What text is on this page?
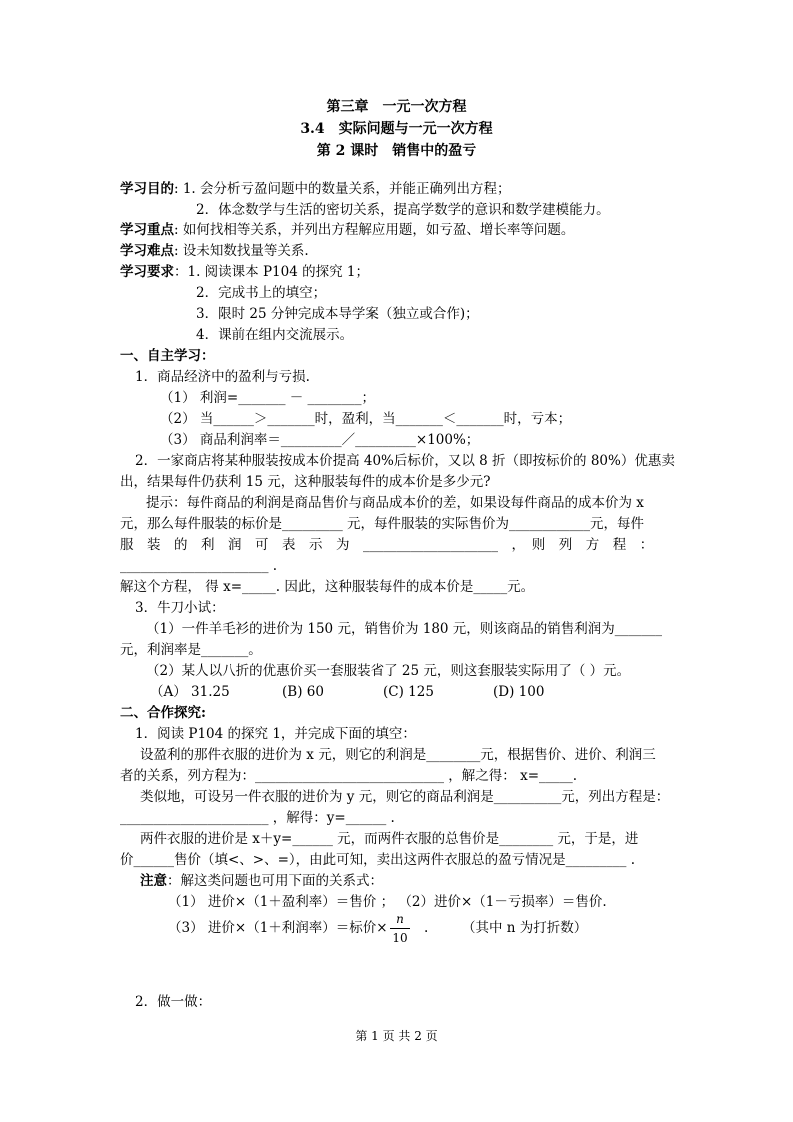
第三章　一元一次方程
3.4　实际问题与一元一次方程
第 2 课时　销售中的盈亏
学习目的: 1. 会分析亏盈问题中的数量关系，并能正确列出方程；
2．体念数学与生活的密切关系，提高学数学的意识和数学建模能力。
学习重点: 如何找相等关系，并列出方程解应用题，如亏盈、增长率等问题。
学习难点: 设未知数找量等关系.
学习要求：1. 阅读课本 P104 的探究 1；
2．完成书上的填空；
3．限时 25 分钟完成本导学案（独立或合作)；
4．课前在组内交流展示。
一、自主学习：
1．商品经济中的盈利与亏损.
（1） 利润=_______ － ________；
（2） 当______＞_______时，盈利，当_______＜_______时，亏本；
（3） 商品利润率＝_________／_________×100%；
2．一家商店将某种服装按成本价提高 40%后标价，又以 8 折（即按标价的 80%）优惠卖
出，结果每件仍获利 15 元，这种服装每件的成本价是多少元?
提示：每件商品的利润是商品售价与商品成本价的差，如果设每件商品的成本价为 x
元，那么每件服装的标价是_________ 元，每件服装的实际售价为____________元，每件
服　装　的　利　润　可　表　示　为　____________________　，　则　列　方　程　：
______________________ .
解这个方程， 得 x=_____. 因此，这种服装每件的成本价是_____元。
3．牛刀小试：
（1）一件羊毛衫的进价为 150 元，销售价为 180 元，则该商品的销售利润为_______
元，利润率是_______。
（2）某人以八折的优惠价买一套服装省了 25 元，则这套服装实际用了（ ）元。
（A） 31.25	(B) 60	(C) 125	(D) 100
二、合作探究:
1．阅读 P104 的探究 1，并完成下面的填空：
设盈利的那件衣服的进价为 x 元，则它的利润是________元，根据售价、进价、利润三
者的关系，列方程为：____________________________ ，解之得： x=_____.
类似地，可设另一件衣服的进价为 y 元，则它的商品利润是__________元，列出方程是：
______________________ ，解得：y=______ .
两件衣服的进价是 x＋y=______ 元，而两件衣服的总售价是________ 元，于是，进
价______售价（填<、>、=），由此可知，卖出这两件衣服总的盈亏情况是_________ .
注意：解这类问题也可用下面的关系式：
（1） 进价×（1＋盈利率）＝售价 ； （2）进价×（1－亏损率）＝售价.
（3） 进价×（1＋利润率）＝标价× $\frac{n}{10}$ . （其中 n 为打折数）
2．做一做：
第 1 页 共 2 页
